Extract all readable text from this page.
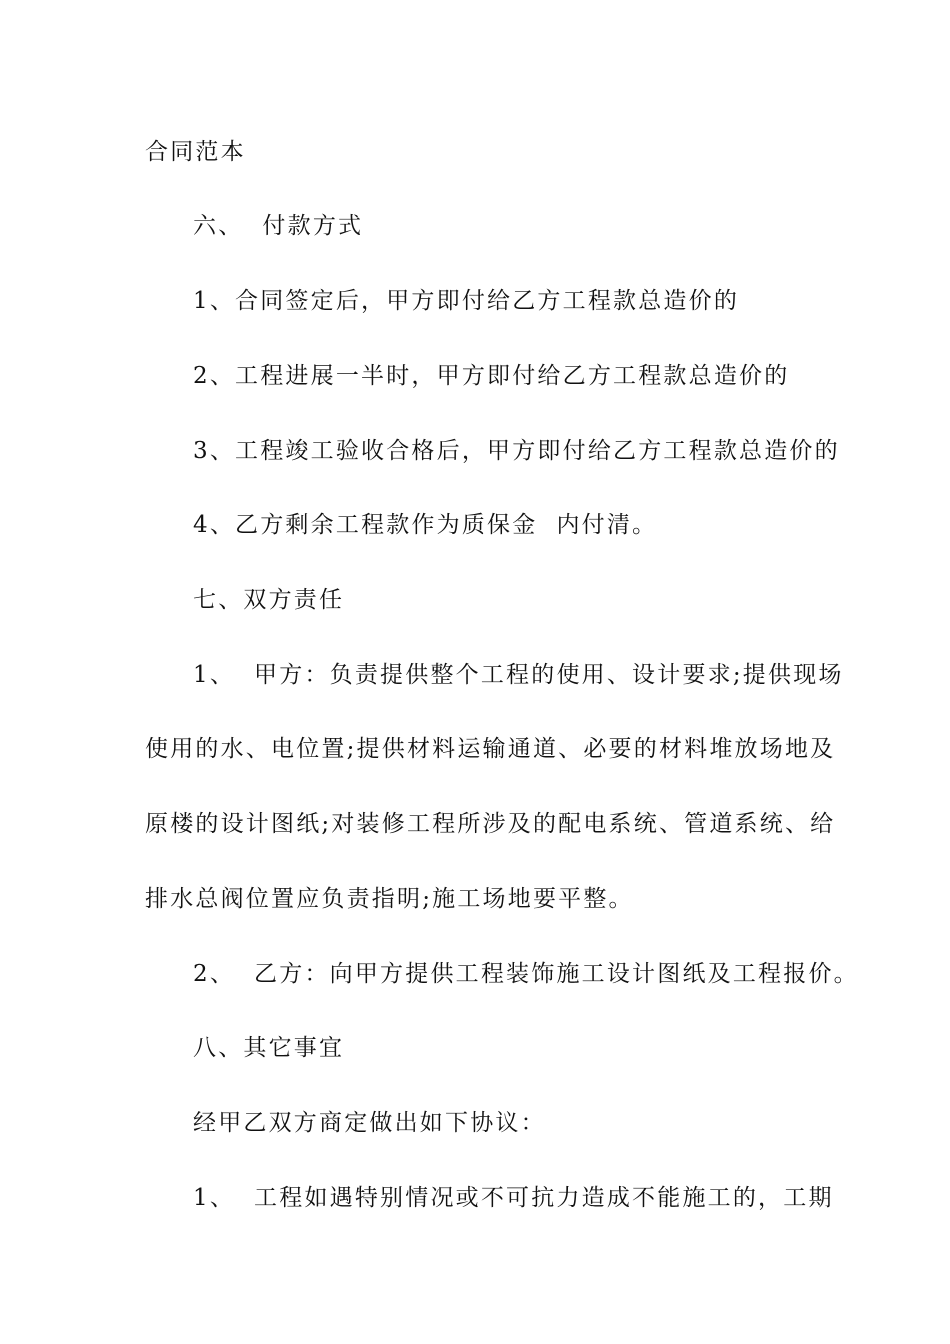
合同范本
六、  付款方式
1、合同签定后，甲方即付给乙方工程款总造价的
2、工程进展一半时，甲方即付给乙方工程款总造价的
3、工程竣工验收合格后，甲方即付给乙方工程款总造价的
4、乙方剩余工程款作为质保金  内付清。
七、双方责任
1、  甲方：负责提供整个工程的使用、设计要求;提供现场
使用的水、电位置;提供材料运输通道、必要的材料堆放场地及
原楼的设计图纸;对装修工程所涉及的配电系统、管道系统、给
排水总阀位置应负责指明;施工场地要平整。
2、  乙方：向甲方提供工程装饰施工设计图纸及工程报价。
八、其它事宜
经甲乙双方商定做出如下协议：
1、  工程如遇特别情况或不可抗力造成不能施工的，工期
